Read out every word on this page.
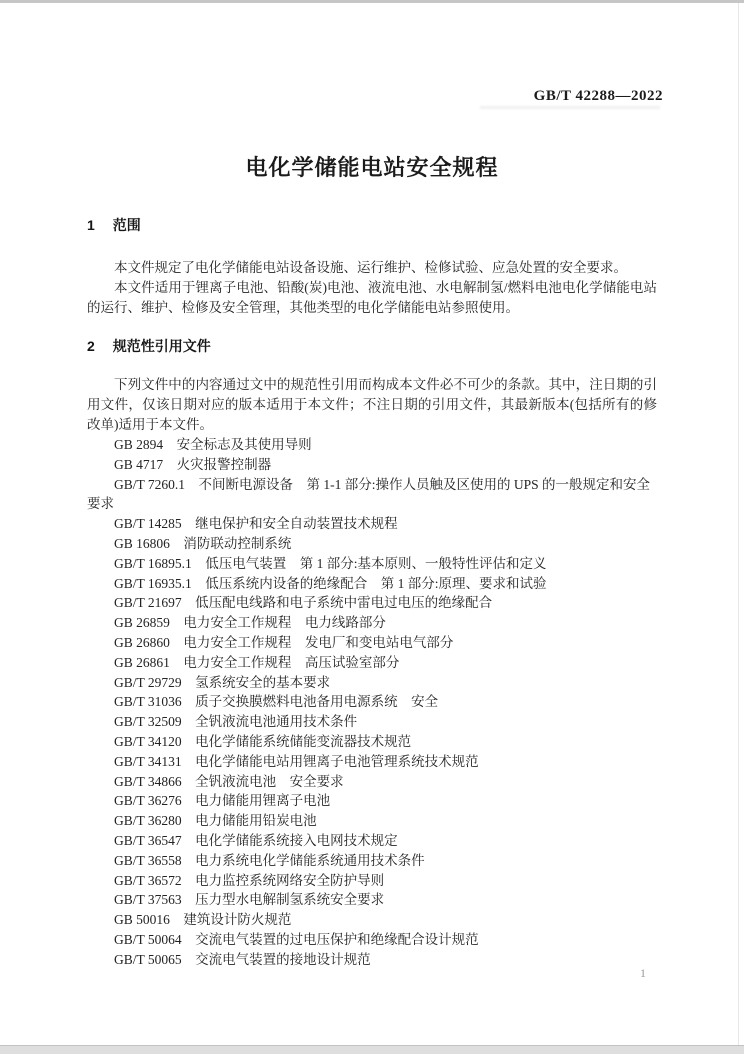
GB/T 42288—2022
电化学储能电站安全规程

1 范围

本文件规定了电化学储能电站设备设施、运行维护、检修试验、应急处置的安全要求。

本文件适用于锂离子电池、铅酸(炭)电池、液流电池、水电解制氢/燃料电池电化学储能电站的运行、维护、检修及安全管理，其他类型的电化学储能电站参照使用。

2 规范性引用文件

下列文件中的内容通过文中的规范性引用而构成本文件必不可少的条款。其中，注日期的引用文件，仅该日期对应的版本适用于本文件；不注日期的引用文件，其最新版本(包括所有的修改单)适用于本文件。

GB 2894　安全标志及其使用导则

GB 4717　火灾报警控制器

GB/T 7260.1　不间断电源设备　第 1-1 部分:操作人员触及区使用的 UPS 的一般规定和安全要求

GB/T 14285　继电保护和安全自动装置技术规程

GB 16806　消防联动控制系统

GB/T 16895.1　低压电气装置　第 1 部分:基本原则、一般特性评估和定义

GB/T 16935.1　低压系统内设备的绝缘配合　第 1 部分:原理、要求和试验

GB/T 21697　低压配电线路和电子系统中雷电过电压的绝缘配合

GB 26859　电力安全工作规程　电力线路部分

GB 26860　电力安全工作规程　发电厂和变电站电气部分

GB 26861　电力安全工作规程　高压试验室部分

GB/T 29729　氢系统安全的基本要求

GB/T 31036　质子交换膜燃料电池备用电源系统　安全

GB/T 32509　全钒液流电池通用技术条件

GB/T 34120　电化学储能系统储能变流器技术规范

GB/T 34131　电化学储能电站用锂离子电池管理系统技术规范

GB/T 34866　全钒液流电池　安全要求

GB/T 36276　电力储能用锂离子电池

GB/T 36280　电力储能用铅炭电池

GB/T 36547　电化学储能系统接入电网技术规定

GB/T 36558　电力系统电化学储能系统通用技术条件

GB/T 36572　电力监控系统网络安全防护导则

GB/T 37563　压力型水电解制氢系统安全要求

GB 50016　建筑设计防火规范

GB/T 50064　交流电气装置的过电压保护和绝缘配合设计规范

GB/T 50065　交流电气装置的接地设计规范

1
